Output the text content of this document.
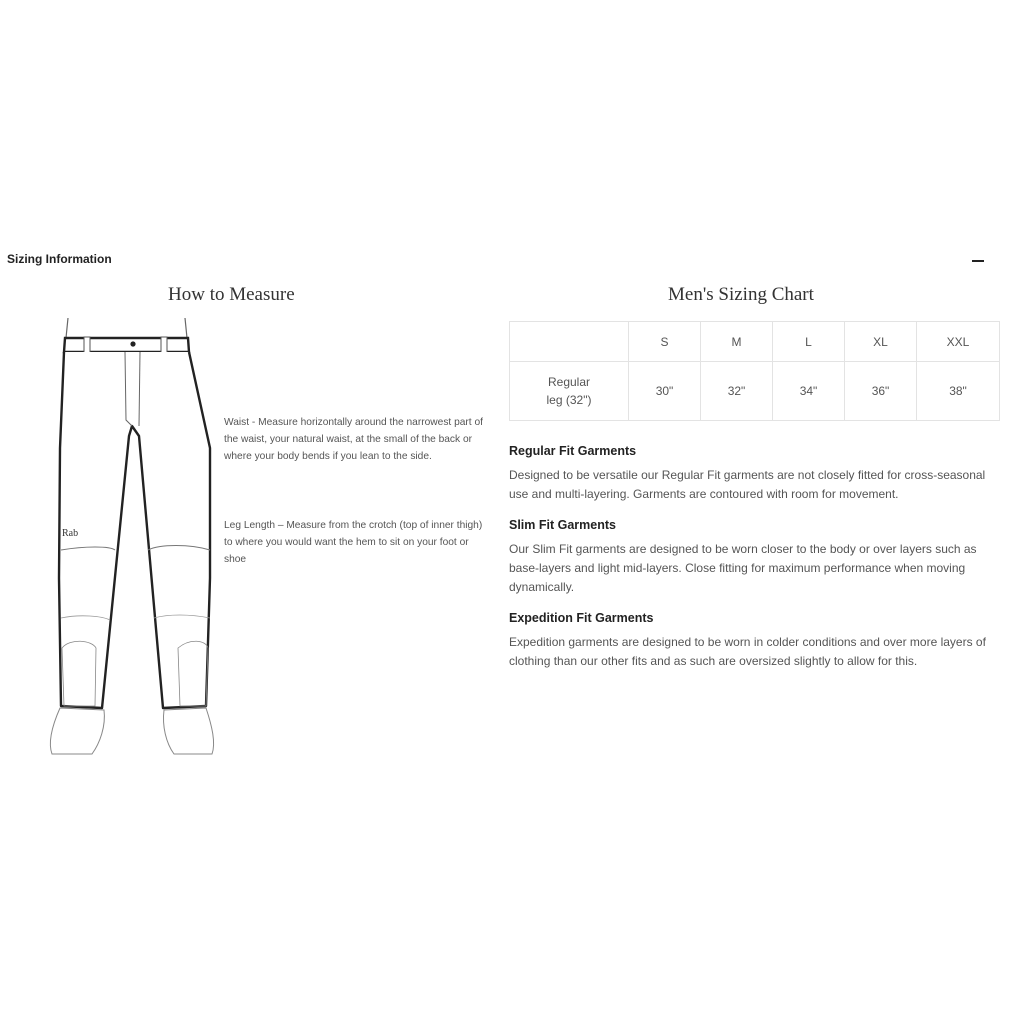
Sizing Information
How to Measure	Men's Sizing Chart
Rab
Waist - Measure horizontally around the narrowest part of the waist, your natural waist, at the small of the back or where your body bends if you lean to the side.
Leg Length – Measure from the crotch (top of inner thigh) to where you would want the hem to sit on your foot or shoe
	S	M	L	XL	XXL
Regular
leg (32")	30"	32"	34"	36"	38"
Regular Fit Garments

Designed to be versatile our Regular Fit garments are not closely fitted for cross-seasonal use and multi-layering. Garments are contoured with room for movement.

Slim Fit Garments

Our Slim Fit garments are designed to be worn closer to the body or over layers such as base-layers and light mid-layers. Close fitting for maximum performance when moving dynamically.

Expedition Fit Garments

Expedition garments are designed to be worn in colder conditions and over more layers of clothing than our other fits and as such are oversized slightly to allow for this.
